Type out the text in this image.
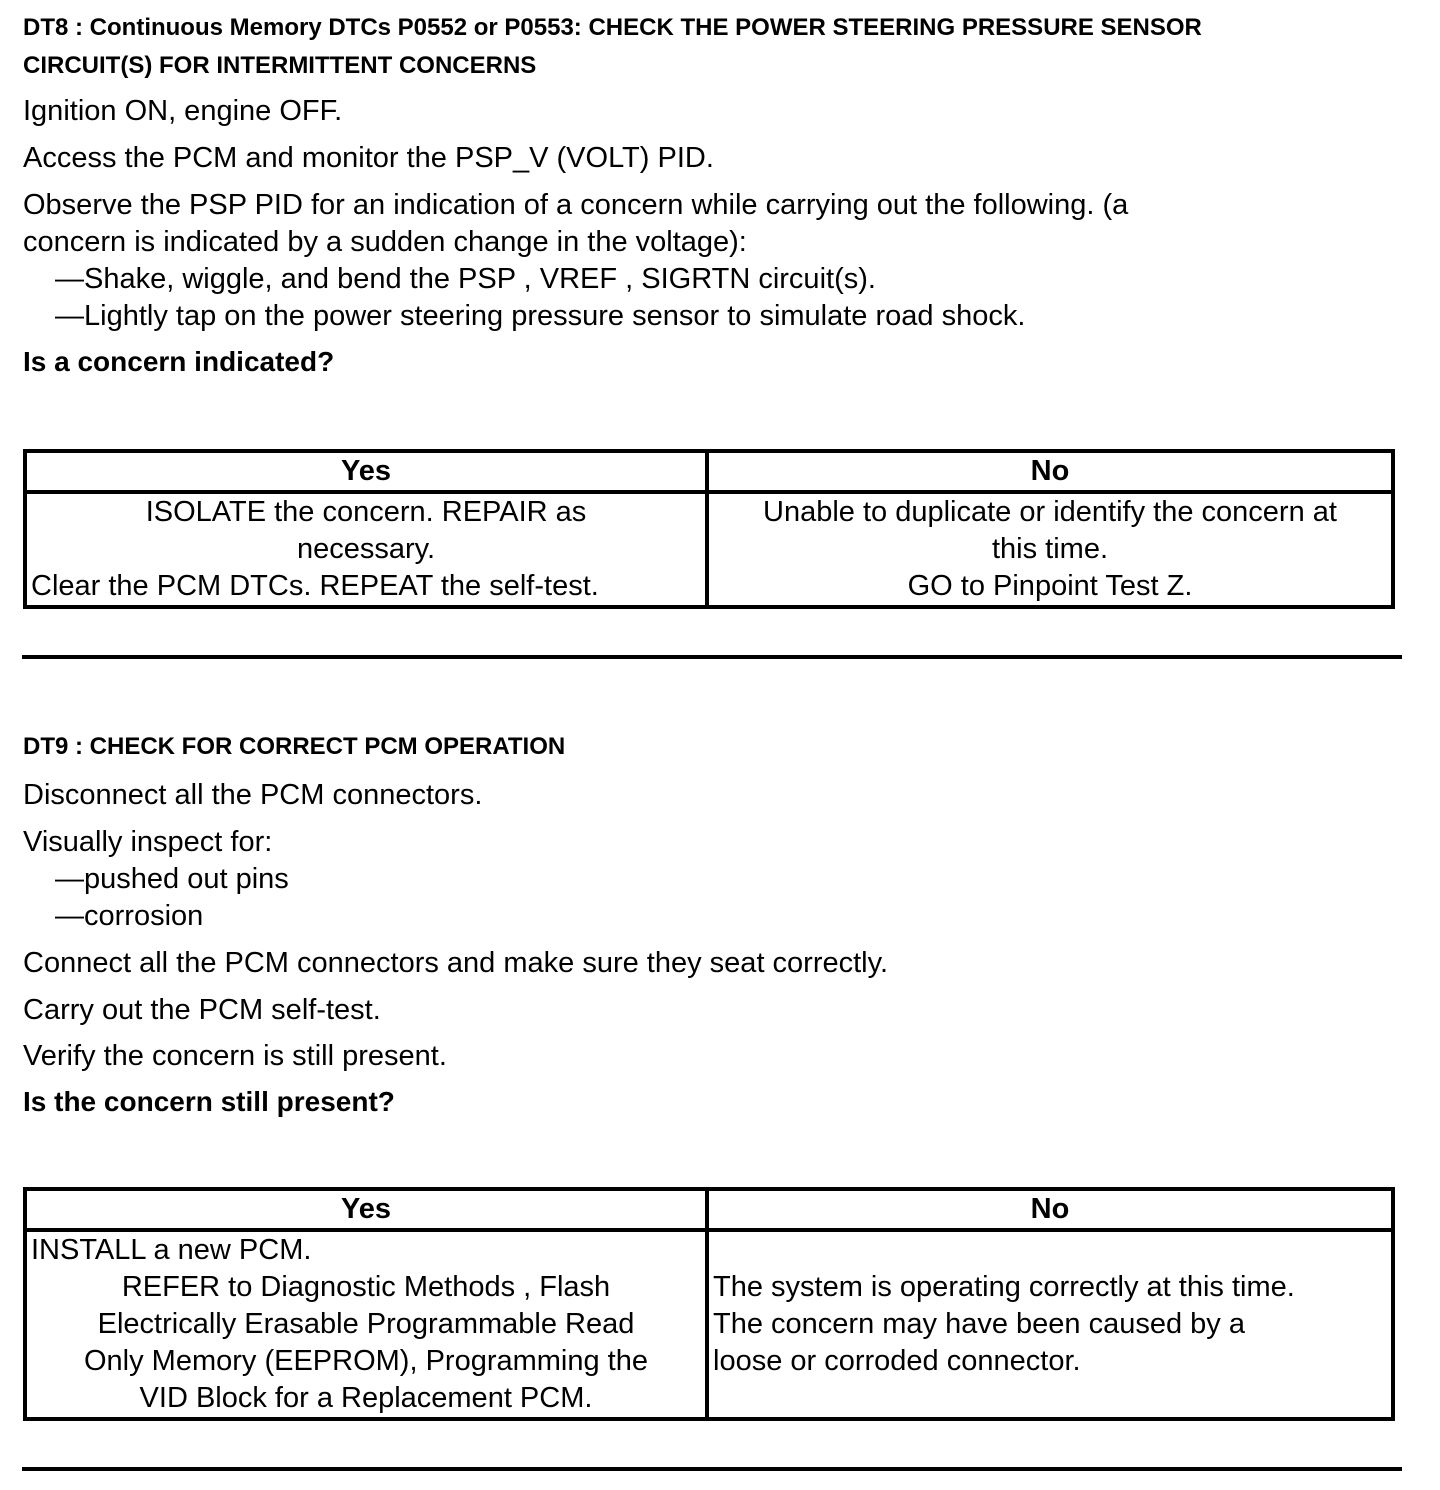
DT8 : Continuous Memory DTCs P0552 or P0553: CHECK THE POWER STEERING PRESSURE SENSOR
CIRCUIT(S) FOR INTERMITTENT CONCERNS

Ignition ON, engine OFF.

Access the PCM and monitor the PSP_V (VOLT) PID.

Observe the PSP PID for an indication of a concern while carrying out the following. (a
concern is indicated by a sudden change in the voltage):

—Shake, wiggle, and bend the PSP , VREF , SIGRTN circuit(s).

—Lightly tap on the power steering pressure sensor to simulate road shock.

Is a concern indicated?

Yes	No

ISOLATE the concern. REPAIR as
necessary.
Clear the PCM DTCs. REPEAT the self-test.	Unable to duplicate or identify the concern at
this time.
GO to Pinpoint Test Z.
DT9 : CHECK FOR CORRECT PCM OPERATION

Disconnect all the PCM connectors.

Visually inspect for:

—pushed out pins

—corrosion

Connect all the PCM connectors and make sure they seat correctly.

Carry out the PCM self-test.

Verify the concern is still present.

Is the concern still present?

Yes	No

INSTALL a new PCM.
REFER to Diagnostic Methods , Flash
Electrically Erasable Programmable Read
Only Memory (EEPROM), Programming the
VID Block for a Replacement PCM.	The system is operating correctly at this time.
The concern may have been caused by a
loose or corroded connector.
